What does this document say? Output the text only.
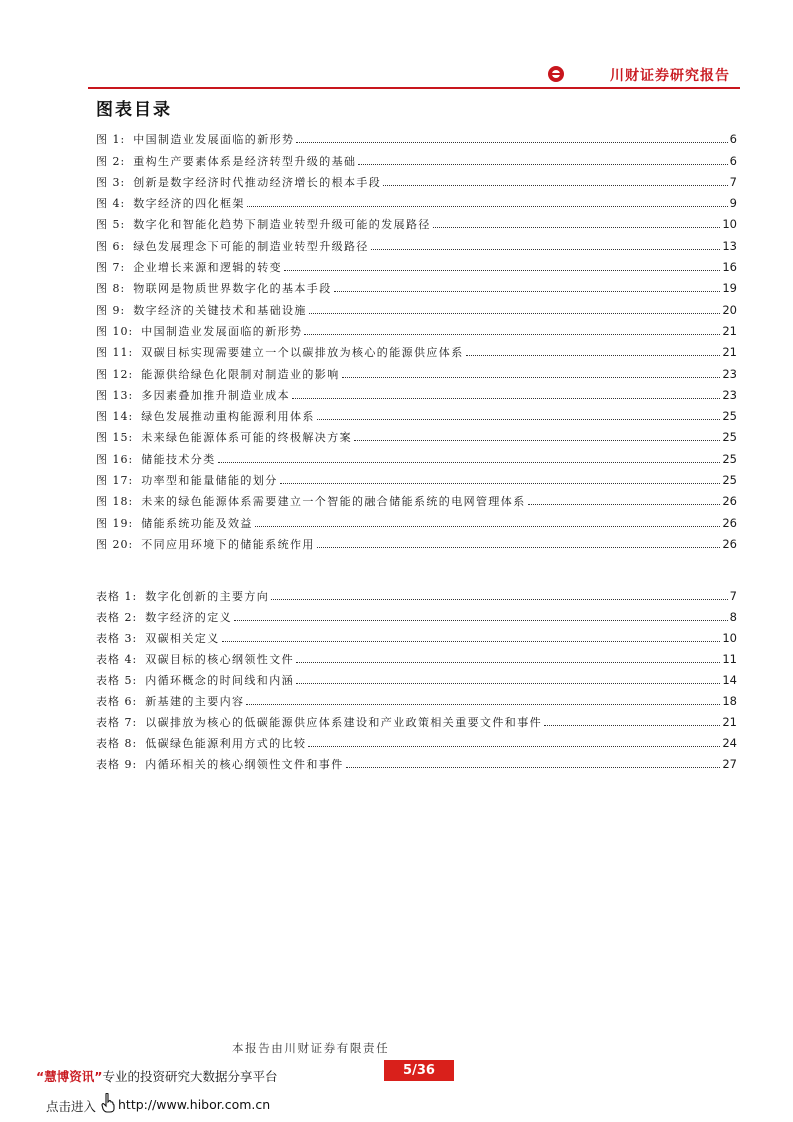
川财证券研究报告
图表目录
图 1: 中国制造业发展面临的新形势	6
图 2: 重构生产要素体系是经济转型升级的基础	6
图 3: 创新是数字经济时代推动经济增长的根本手段	7
图 4: 数字经济的四化框架	9
图 5: 数字化和智能化趋势下制造业转型升级可能的发展路径	10
图 6: 绿色发展理念下可能的制造业转型升级路径	13
图 7: 企业增长来源和逻辑的转变	16
图 8: 物联网是物质世界数字化的基本手段	19
图 9: 数字经济的关键技术和基础设施	20
图 10: 中国制造业发展面临的新形势	21
图 11: 双碳目标实现需要建立一个以碳排放为核心的能源供应体系	21
图 12: 能源供给绿色化限制对制造业的影响	23
图 13: 多因素叠加推升制造业成本	23
图 14: 绿色发展推动重构能源利用体系	25
图 15: 未来绿色能源体系可能的终极解决方案	25
图 16: 储能技术分类	25
图 17: 功率型和能量储能的划分	25
图 18: 未来的绿色能源体系需要建立一个智能的融合储能系统的电网管理体系	26
图 19: 储能系统功能及效益	26
图 20: 不同应用环境下的储能系统作用	26
表格 1: 数字化创新的主要方向	7
表格 2: 数字经济的定义	8
表格 3: 双碳相关定义	10
表格 4: 双碳目标的核心纲领性文件	11
表格 5: 内循环概念的时间线和内涵	14
表格 6: 新基建的主要内容	18
表格 7: 以碳排放为核心的低碳能源供应体系建设和产业政策相关重要文件和事件	21
表格 8: 低碳绿色能源利用方式的比较	24
表格 9: 内循环相关的核心纲领性文件和事件	27
本报告由川财证券有限责任
“慧博资讯”专业的投资研究大数据分享平台	5/36
点击进入 http://www.hibor.com.cn
